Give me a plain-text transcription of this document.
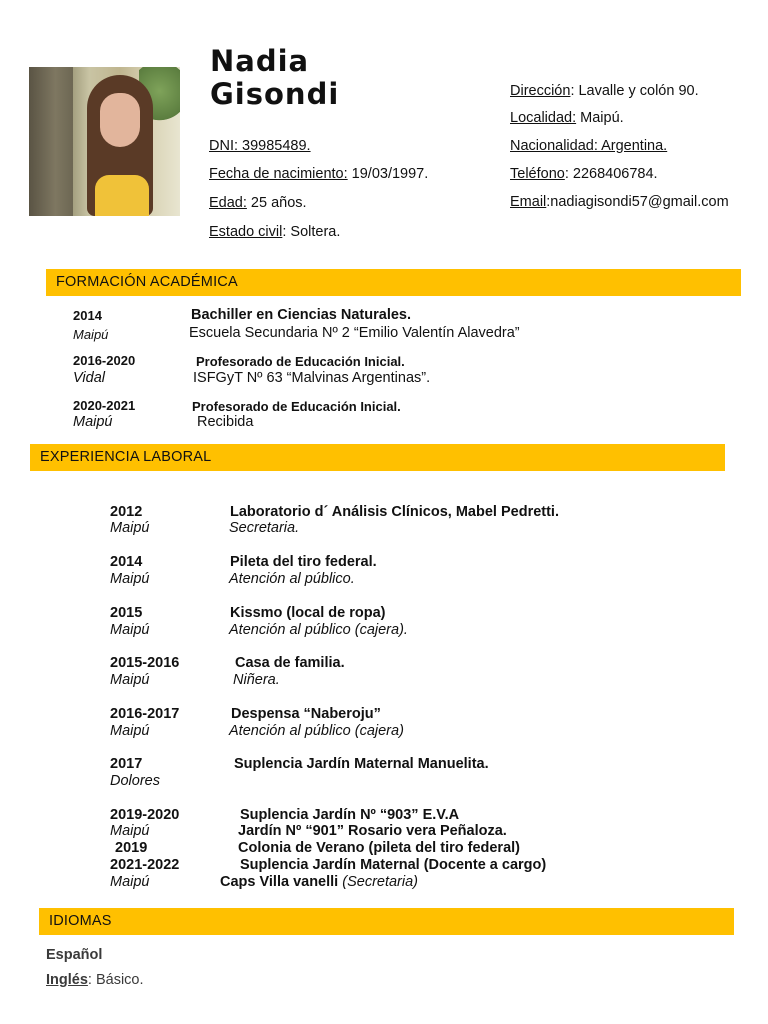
Nadia
Gisondi
DNI: 39985489.
Fecha de nacimiento: 19/03/1997.
Edad: 25 años.
Estado civil: Soltera.
Dirección: Lavalle y colón 90.
Localidad: Maipú.
Nacionalidad: Argentina.
Teléfono: 2268406784.
Email:nadiagisondi57@gmail.com
FORMACIÓN ACADÉMICA
2014	Bachiller en Ciencias Naturales.
Maipú	Escuela Secundaria Nº 2 “Emilio Valentín Alavedra”
2016-2020	Profesorado de Educación Inicial.
Vidal	ISFGyT Nº 63 “Malvinas Argentinas”.
2020-2021	Profesorado de Educación Inicial.
Maipú	Recibida
EXPERIENCIA LABORAL
2012	Laboratorio d´ Análisis Clínicos, Mabel Pedretti.
Maipú	Secretaria.
2014	Pileta del tiro federal.
Maipú	Atención al público.
2015	Kissmo (local de ropa)
Maipú	Atención al público (cajera).
2015-2016	Casa de familia.
Maipú	Niñera.
2016-2017	Despensa “Naberoju”
Maipú	Atención al público (cajera)
2017	Suplencia Jardín Maternal Manuelita.
Dolores
2019-2020	Suplencia Jardín Nº “903” E.V.A
Maipú	Jardín Nº “901” Rosario vera Peñaloza.
2019	Colonia de Verano (pileta del tiro federal)
2021-2022	Suplencia Jardín Maternal (Docente a cargo)
Maipú	Caps Villa vanelli (Secretaria)
IDIOMAS
Español
Inglés: Básico.
